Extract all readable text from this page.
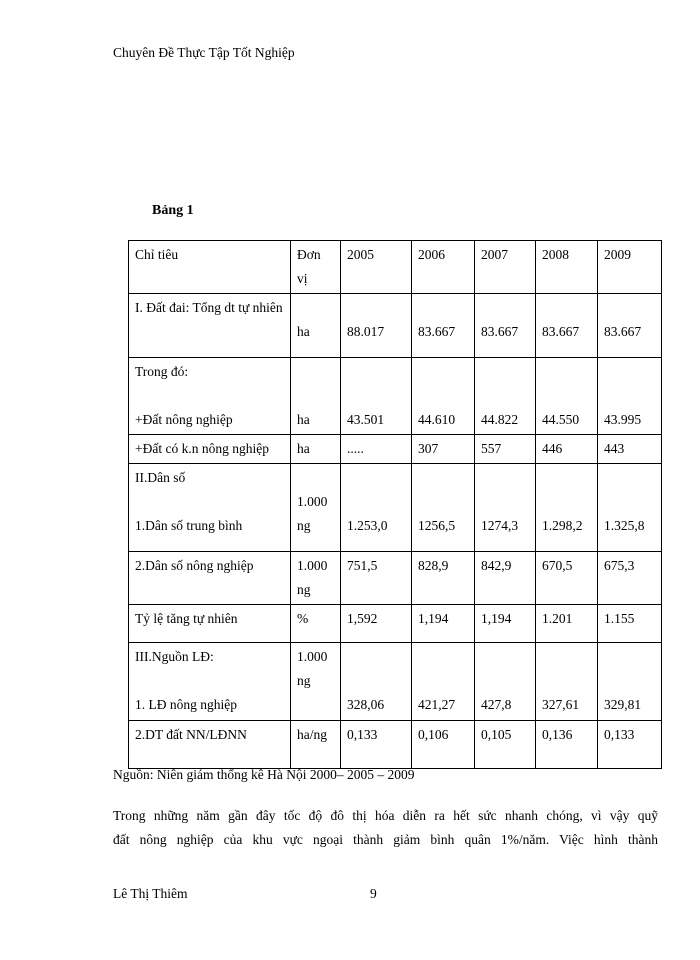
Chuyên Đề Thực Tập Tốt Nghiệp
Bảng 1
Chỉ tiêu	Đơn vị	2005	2006	2007	2008	2009
I. Đất đai: Tổng dt tự nhiên	ha	88.017	83.667	83.667	83.667	83.667

Trong đó:

+Đất nông nghiệp	ha	43.501	44.610	44.822	44.550	43.995

+Đất có k.n nông nghiệp	ha	.....	307	557	446	443

II.Dân số

1.Dân số trung bình	1.000 ng	1.253,0	1256,5	1274,3	1.298,2	1.325,8

2.Dân số nông nghiệp	1.000 ng	751,5	828,9	842,9	670,5	675,3
Tỷ lệ tăng tự nhiên	%	1,592	1,194	1,194	1.201	1.155

III.Nguồn LĐ:

1. LĐ nông nghiệp	1.000 ng	328,06	421,27	427,8	327,61	329,81

2.DT đất NN/LĐNN	ha/ng	0,133	0,106	0,105	0,136	0,133
Nguồn: Niên giám thống kê Hà Nội 2000– 2005 – 2009
Trong những năm gần đây tốc độ đô thị hóa diễn ra hết sức nhanh chóng, vì vậy quỹ
đất nông nghiệp của khu vực ngoại thành giảm bình quân 1%/năm. Việc hình thành
Lê Thị Thiêm	9
